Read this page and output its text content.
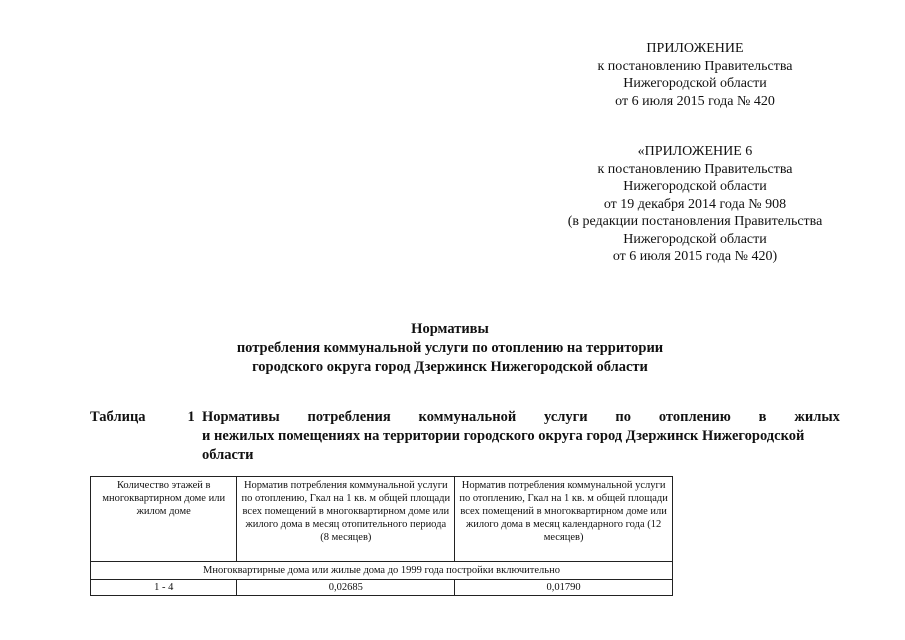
ПРИЛОЖЕНИЕ
к постановлению Правительства
Нижегородской области
от 6 июля 2015 года № 420
«ПРИЛОЖЕНИЕ 6
к постановлению Правительства
Нижегородской области
от 19 декабря 2014 года № 908
(в редакции постановления Правительства
Нижегородской области
от 6 июля 2015 года № 420)
Нормативы
потребления коммунальной услуги по отоплению на территории
городского округа город Дзержинск Нижегородской области
Таблица	1 Нормативы потребления коммунальной услуги по отоплению в жилых
и нежилых помещениях на территории городского округа город Дзержинск Нижегородской
области
Количество этажей в многоквартирном доме или жилом доме	Норматив потребления коммунальной услуги по отоплению, Гкал на 1 кв. м общей площади всех помещений в многоквартирном доме или жилого дома в месяц отопительного периода (8 месяцев)	Норматив потребления коммунальной услуги по отоплению, Гкал на 1 кв. м общей площади всех помещений в многоквартирном доме или жилого дома в месяц календарного года (12 месяцев)
Многоквартирные дома или жилые дома до 1999 года постройки включительно		
1 - 4	0,02685	0,01790
